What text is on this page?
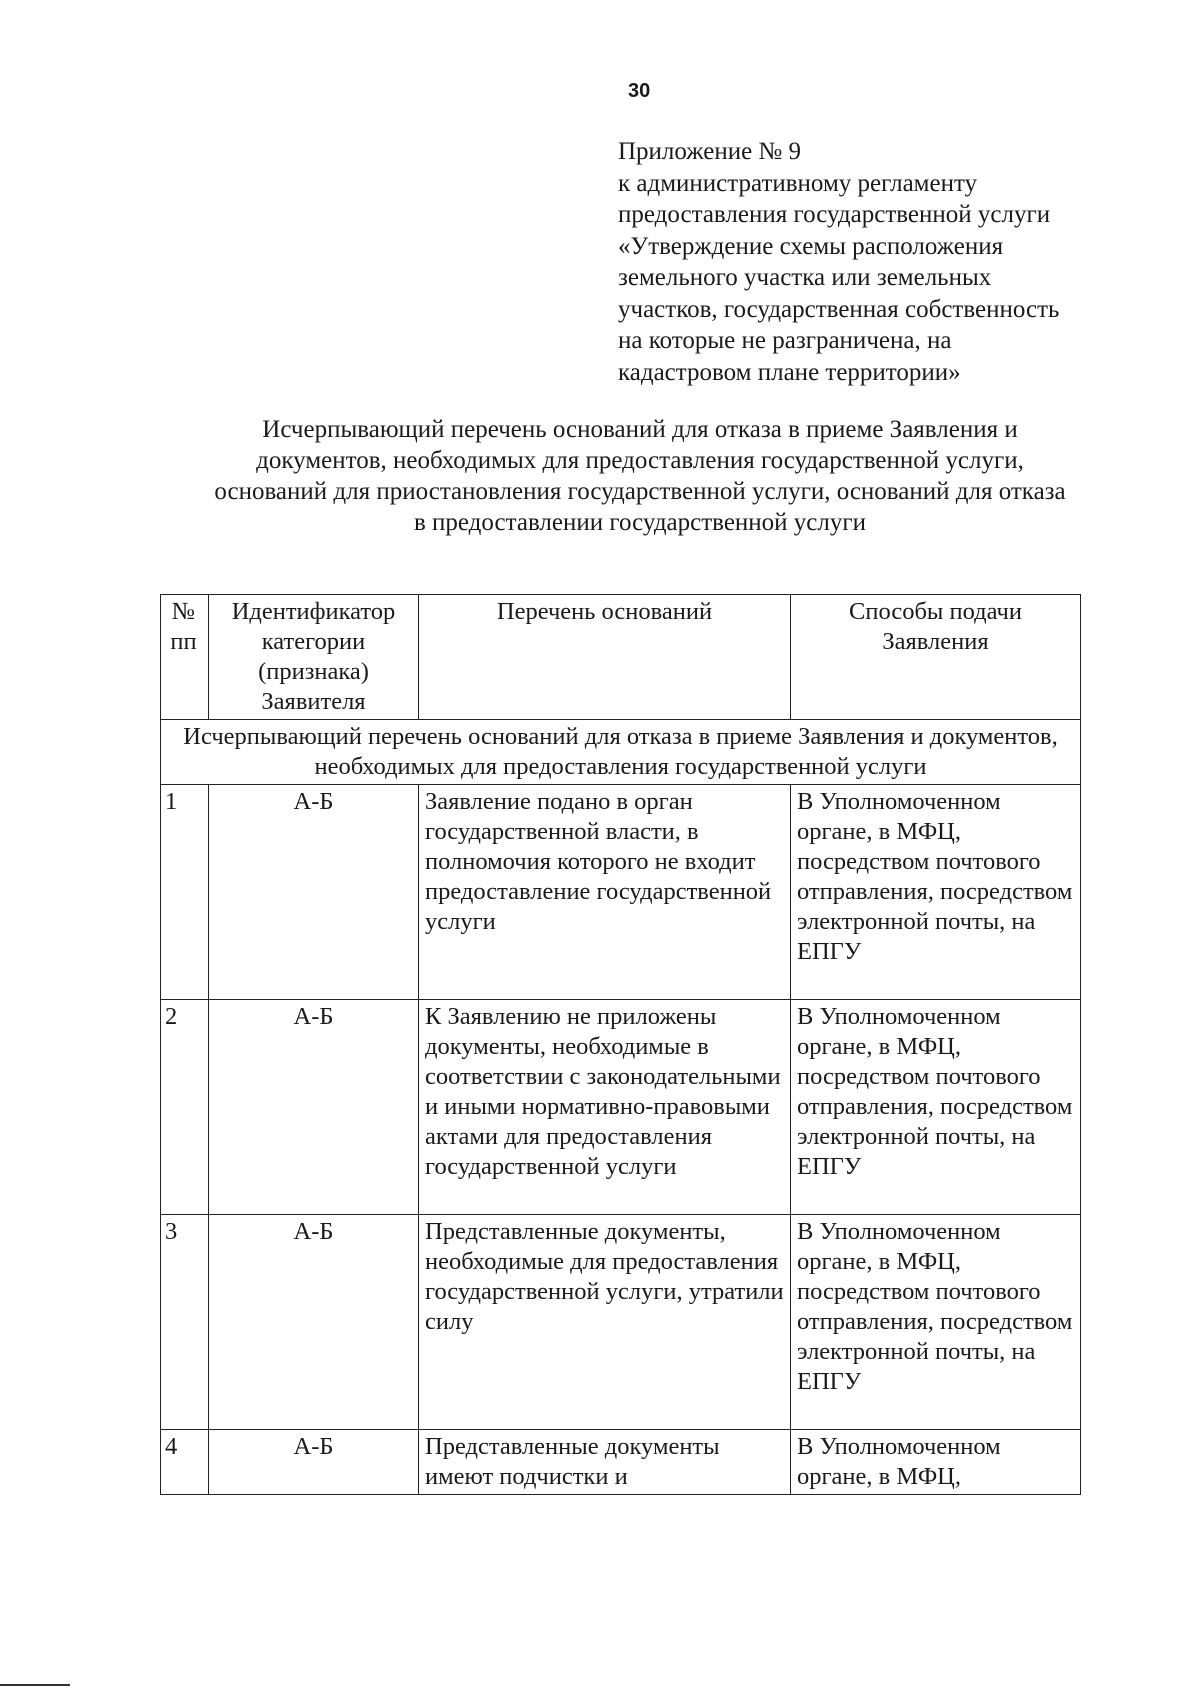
30
Приложение № 9
к административному регламенту
предоставления государственной услуги
«Утверждение схемы расположения
земельного участка или земельных
участков, государственная собственность
на которые не разграничена, на
кадастровом плане территории»
Исчерпывающий перечень оснований для отказа в приеме Заявления и
документов, необходимых для предоставления государственной услуги,
оснований для приостановления государственной услуги, оснований для отказа
в предоставлении государственной услуги
№ пп	Идентификатор категории (признака) Заявителя	Перечень оснований	Способы подачи Заявления
Исчерпывающий перечень оснований для отказа в приеме Заявления и документов, необходимых для предоставления государственной услуги			
1	А-Б	Заявление подано в орган государственной власти, в полномочия которого не входит предоставление государственной услуги	В Уполномоченном органе, в МФЦ, посредством почтового отправления, посредством электронной почты, на ЕПГУ
2	А-Б	К Заявлению не приложены документы, необходимые в соответствии с законодательными и иными нормативно-правовыми актами для предоставления государственной услуги	В Уполномоченном органе, в МФЦ, посредством почтового отправления, посредством электронной почты, на ЕПГУ
3	А-Б	Представленные документы, необходимые для предоставления государственной услуги, утратили силу	В Уполномоченном органе, в МФЦ, посредством почтового отправления, посредством электронной почты, на ЕПГУ
4	А-Б	Представленные документы имеют подчистки и	В Уполномоченном органе, в МФЦ,
